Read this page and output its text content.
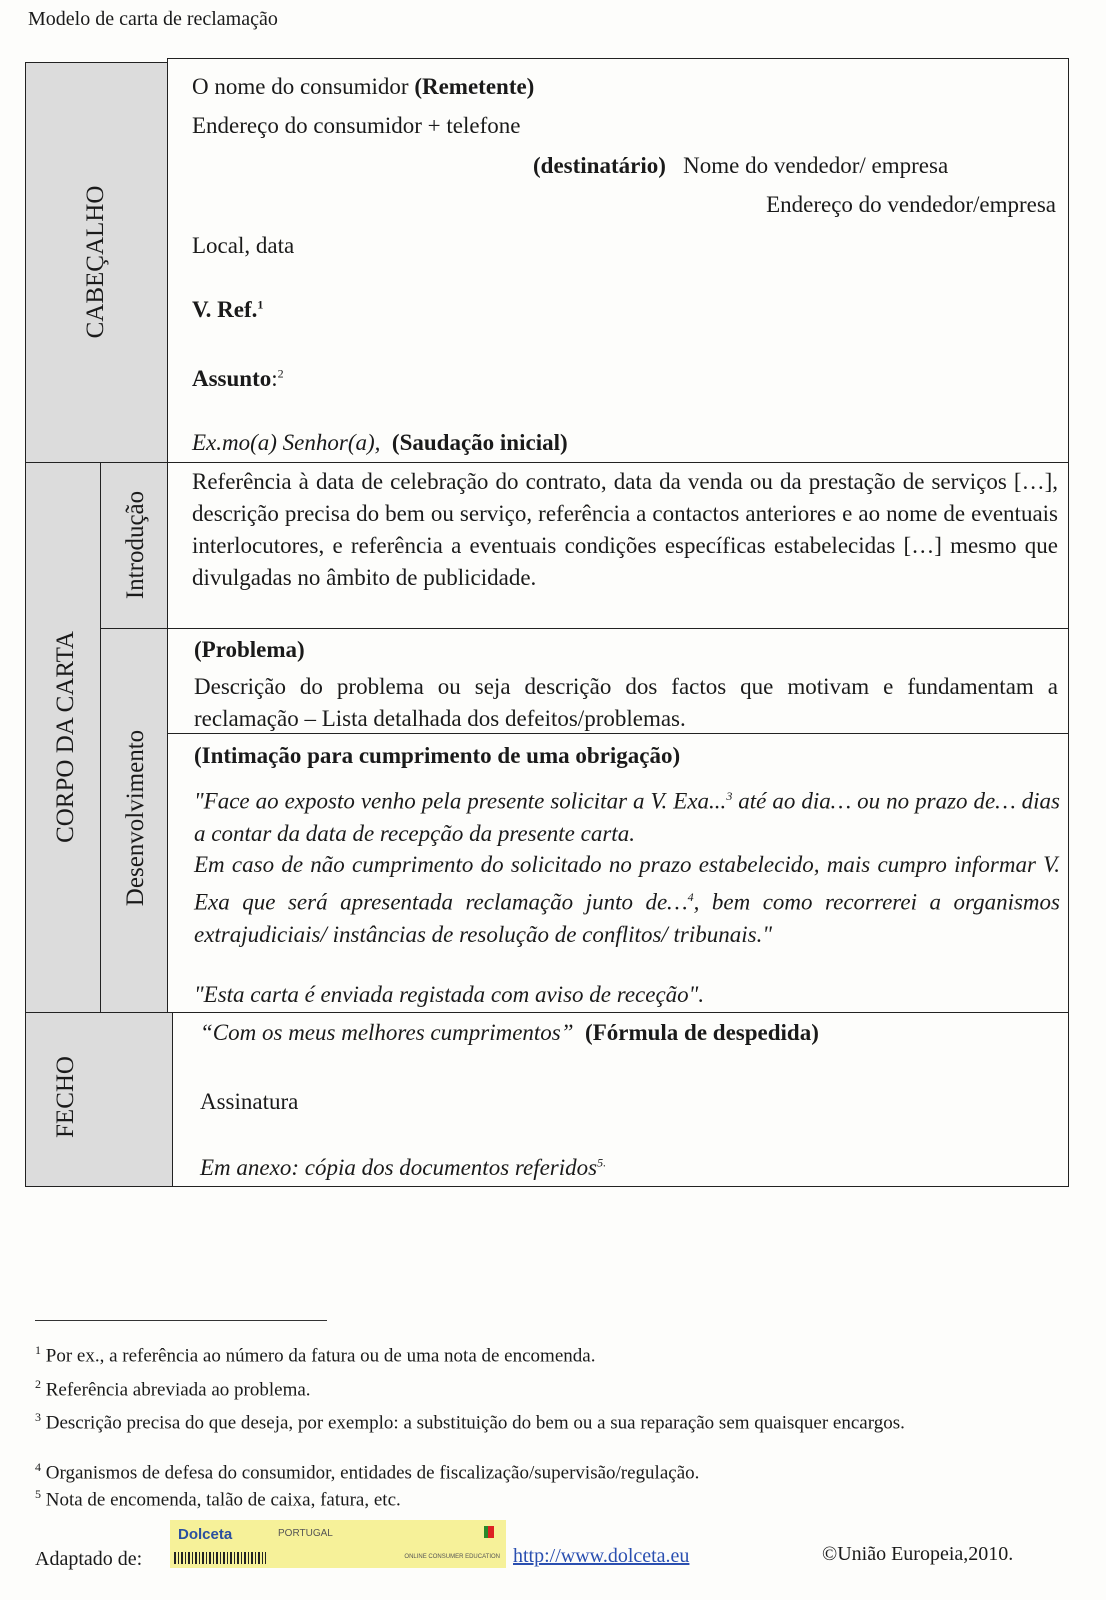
Modelo de carta de reclamação
CABEÇALHO
CORPO DA CARTA
Introdução
Desenvolvimento
FECHO
O nome do consumidor (Remetente)
Endereço do consumidor + telefone
(destinatário) Nome do vendedor/ empresa
Endereço do vendedor/empresa
Local, data
V. Ref.$^1$
Assunto:$^2$
Ex.mo(a) Senhor(a), (Saudação inicial)
Referência à data de celebração do contrato, data da venda ou da prestação de serviços […], descrição precisa do bem ou serviço, referência a contactos anteriores e ao nome de eventuais interlocutores, e referência a eventuais condições específicas estabelecidas […] mesmo que divulgadas no âmbito de publicidade.
(Problema)
Descrição do problema ou seja descrição dos factos que motivam e fundamentam a reclamação – Lista detalhada dos defeitos/problemas.
(Intimação para cumprimento de uma obrigação)
"Face ao exposto venho pela presente solicitar a V. Exa...$^3$ até ao dia… ou no prazo de… dias a contar da data de recepção da presente carta.
Em caso de não cumprimento do solicitado no prazo estabelecido, mais cumpro informar V. Exa que será apresentada reclamação junto de…$^4$, bem como recorrerei a organismos extrajudiciais/ instâncias de resolução de conflitos/ tribunais."
"Esta carta é enviada registada com aviso de receção".
“Com os meus melhores cumprimentos” (Fórmula de despedida)
Assinatura
Em anexo: cópia dos documentos referidos$^{5.}$
$^1$ Por ex., a referência ao número da fatura ou de uma nota de encomenda.
$^2$ Referência abreviada ao problema.
$^3$ Descrição precisa do que deseja, por exemplo: a substituição do bem ou a sua reparação sem quaisquer encargos.
$^4$ Organismos de defesa do consumidor, entidades de fiscalização/supervisão/regulação.
$^5$ Nota de encomenda, talão de caixa, fatura, etc.
Adaptado de:
Dolceta	PORTUGAL
ONLINE CONSUMER EDUCATION http://www.dolceta.eu	©União Europeia,2010.
